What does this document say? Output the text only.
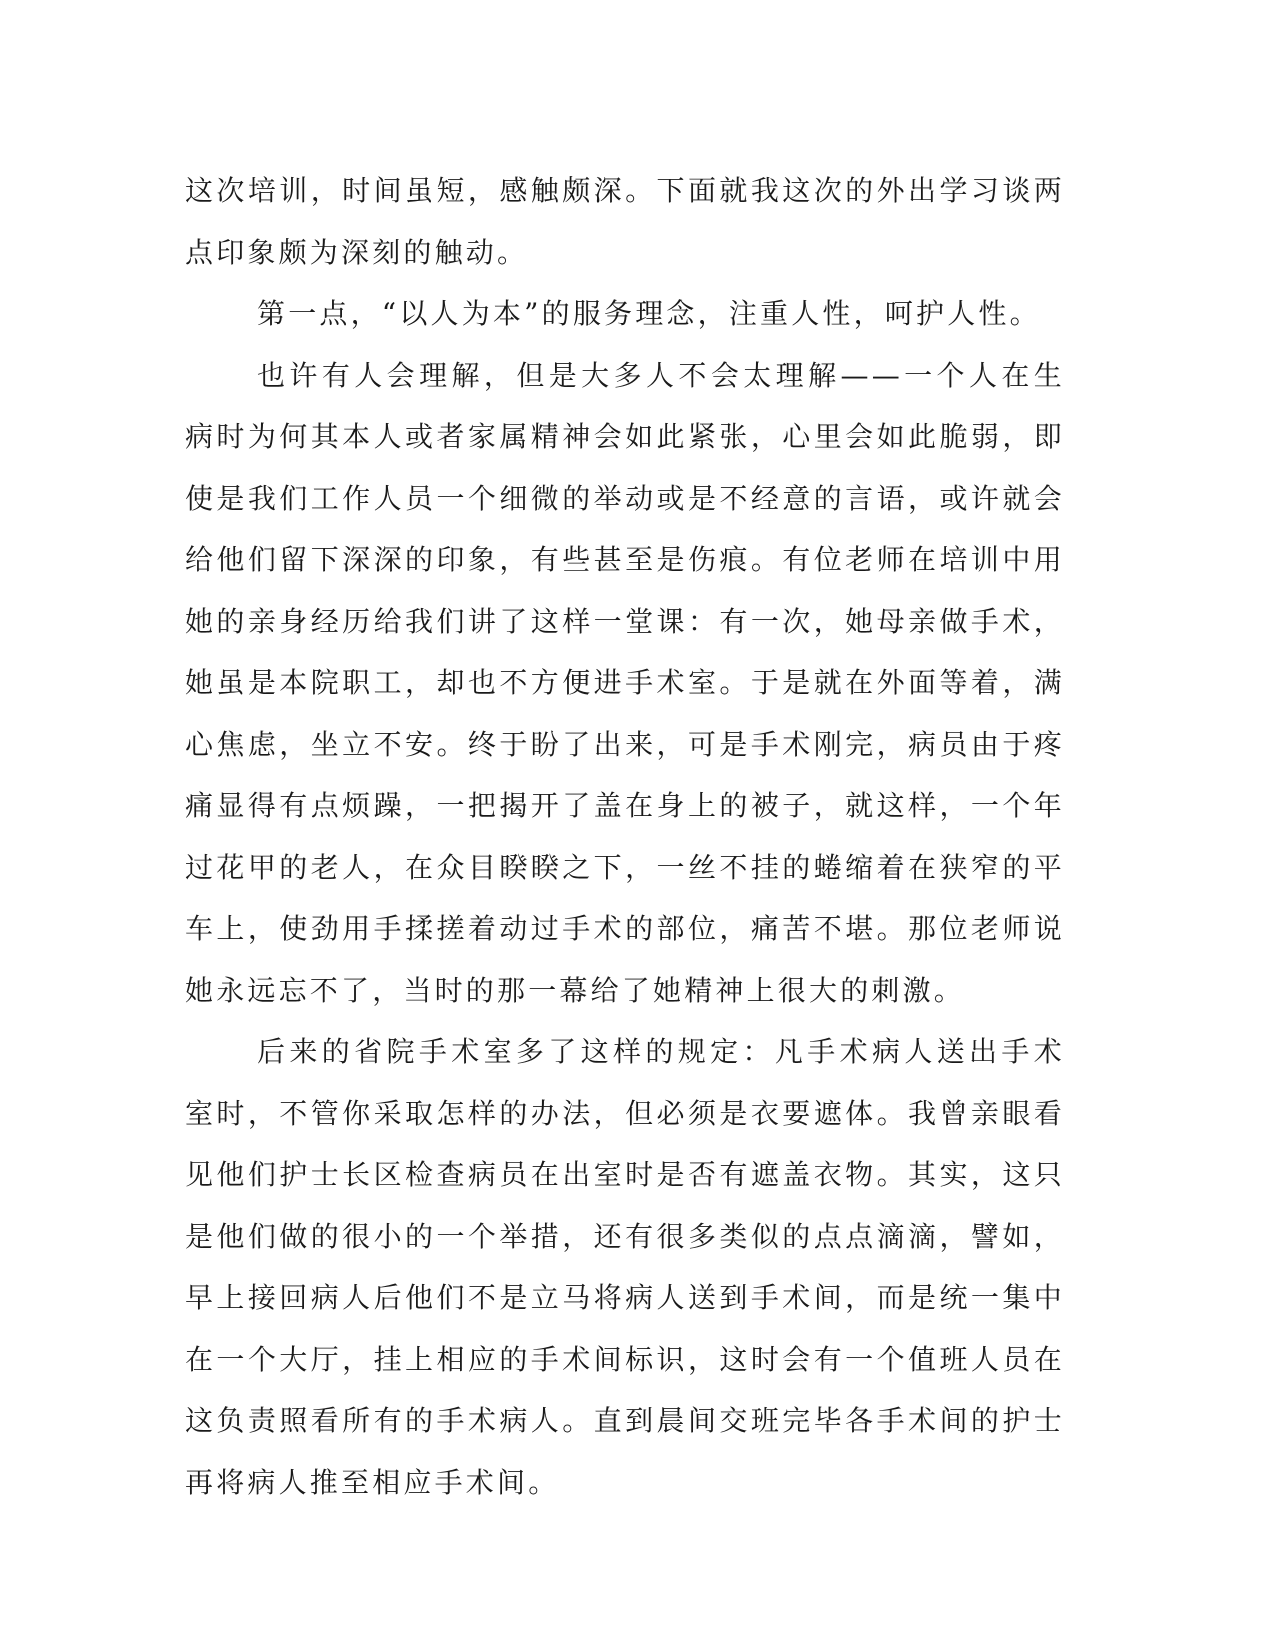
这次培训，时间虽短，感触颇深。下面就我这次的外出学习谈两点印象颇为深刻的触动。

第一点，“以人为本”的服务理念，注重人性，呵护人性。

也许有人会理解，但是大多人不会太理解——一个人在生病时为何其本人或者家属精神会如此紧张，心里会如此脆弱，即使是我们工作人员一个细微的举动或是不经意的言语，或许就会给他们留下深深的印象，有些甚至是伤痕。有位老师在培训中用她的亲身经历给我们讲了这样一堂课：有一次，她母亲做手术，她虽是本院职工，却也不方便进手术室。于是就在外面等着，满心焦虑，坐立不安。终于盼了出来，可是手术刚完，病员由于疼痛显得有点烦躁，一把揭开了盖在身上的被子，就这样，一个年过花甲的老人，在众目睽睽之下，一丝不挂的蜷缩着在狭窄的平车上，使劲用手揉搓着动过手术的部位，痛苦不堪。那位老师说她永远忘不了，当时的那一幕给了她精神上很大的刺激。

后来的省院手术室多了这样的规定：凡手术病人送出手术室时，不管你采取怎样的办法，但必须是衣要遮体。我曾亲眼看见他们护士长区检查病员在出室时是否有遮盖衣物。其实，这只是他们做的很小的一个举措，还有很多类似的点点滴滴，譬如，早上接回病人后他们不是立马将病人送到手术间，而是统一集中在一个大厅，挂上相应的手术间标识，这时会有一个值班人员在这负责照看所有的手术病人。直到晨间交班完毕各手术间的护士再将病人推至相应手术间。
